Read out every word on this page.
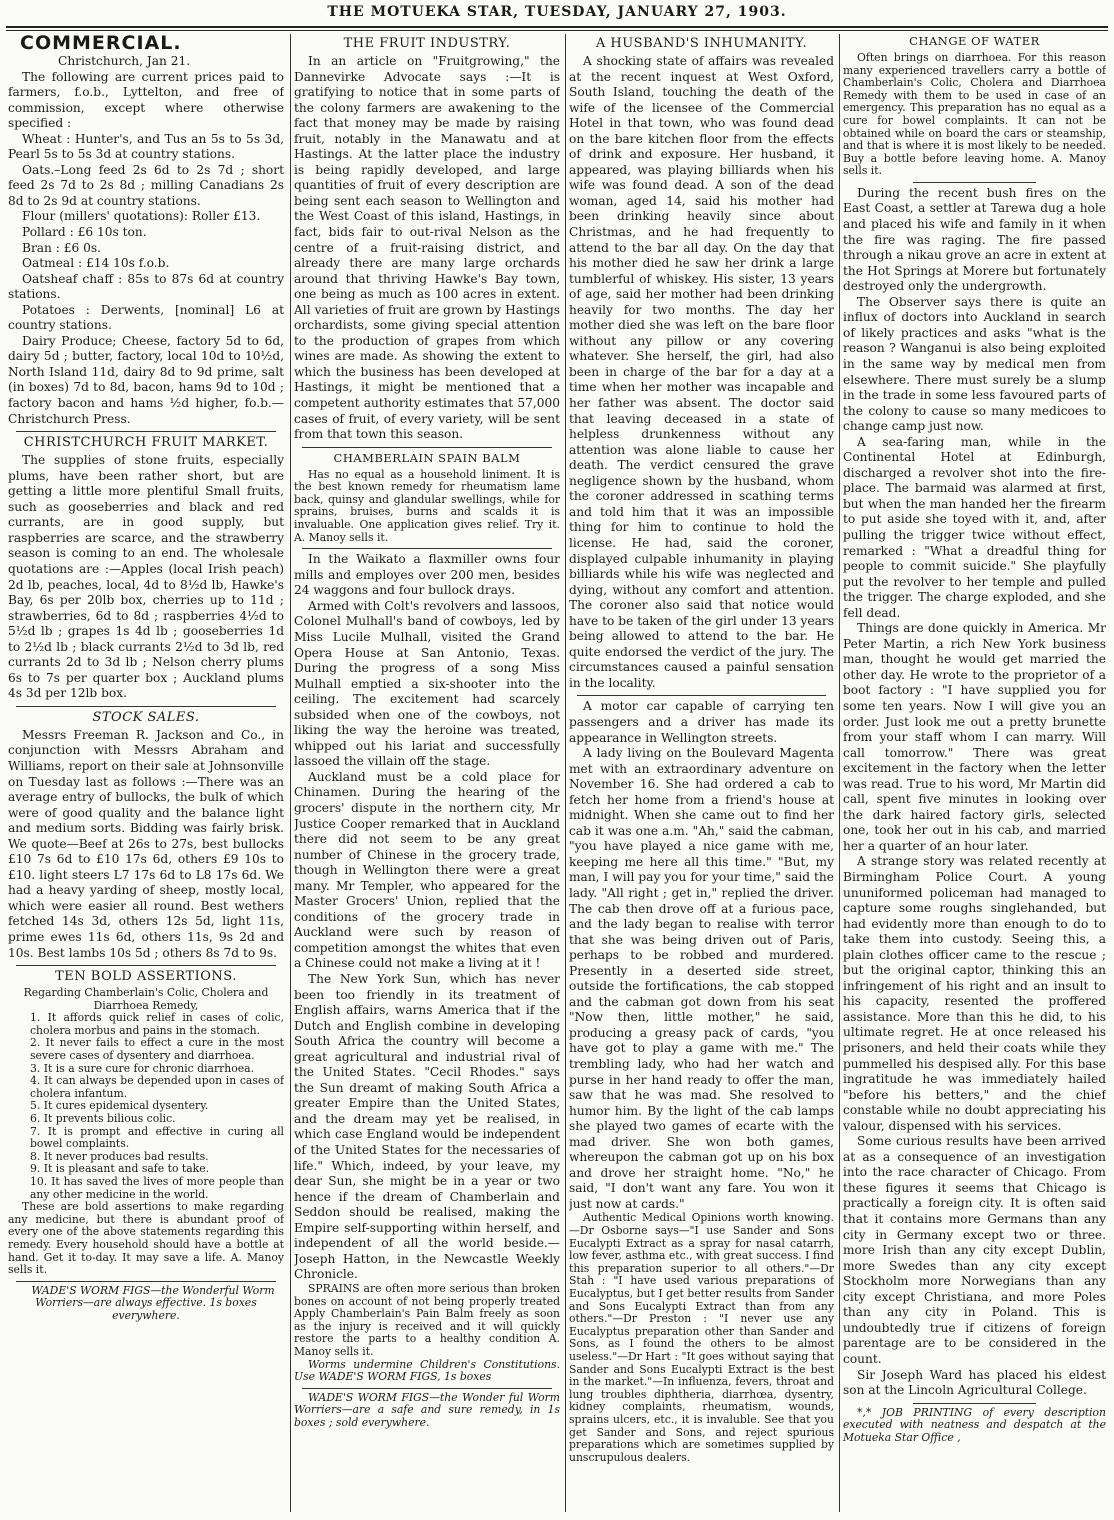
THE MOTUEKA STAR, TUESDAY, JANUARY 27, 1903.
COMMERCIAL.

Christchurch, Jan 21.

The following are current prices paid to farmers, f.o.b., Lyttelton, and free of commission, except where otherwise specified :

Wheat : Hunter's, and Tus an 5s to 5s 3d, Pearl 5s to 5s 3d at country stations.

Oats.–Long feed 2s 6d to 2s 7d ; short feed 2s 7d to 2s 8d ; milling Canadians 2s 8d to 2s 9d at country stations.

Flour (millers' quotations): Roller £13.

Pollard : £6 10s ton.

Bran : £6 0s.

Oatmeal : £14 10s f.o.b.

Oatsheaf chaff : 85s to 87s 6d at country stations.

Potatoes : Derwents, [nominal] L6 at country stations.

Dairy Produce; Cheese, factory 5d to 6d, dairy 5d ; butter, factory, local 10d to 10½d, North Island 11d, dairy 8d to 9d prime, salt (in boxes) 7d to 8d, bacon, hams 9d to 10d ; factory bacon and hams ½d higher, fo.b.—Christchurch Press.

CHRISTCHURCH FRUIT MARKET.

The supplies of stone fruits, especially plums, have been rather short, but are getting a little more plentiful Small fruits, such as gooseberries and black and red currants, are in good supply, but raspberries are scarce, and the strawberry season is coming to an end. The wholesale quotations are :—Apples (local Irish peach) 2d lb, peaches, local, 4d to 8½d lb, Hawke's Bay, 6s per 20lb box, cherries up to 11d ; strawberries, 6d to 8d ; raspberries 4½d to 5½d lb ; grapes 1s 4d lb ; gooseberries 1d to 2½d lb ; black currants 2½d to 3d lb, red currants 2d to 3d lb ; Nelson cherry plums 6s to 7s per quarter box ; Auckland plums 4s 3d per 12lb box.

STOCK SALES.

Messrs Freeman R. Jackson and Co., in conjunction with Messrs Abraham and Williams, report on their sale at Johnsonville on Tuesday last as follows :—There was an average entry of bullocks, the bulk of which were of good quality and the balance light and medium sorts. Bidding was fairly brisk. We quote—Beef at 26s to 27s, best bullocks £10 7s 6d to £10 17s 6d, others £9 10s to £10. light steers L7 17s 6d to L8 17s 6d. We had a heavy yarding of sheep, mostly local, which were easier all round. Best wethers fetched 14s 3d, others 12s 5d, light 11s, prime ewes 11s 6d, others 11s, 9s 2d and 10s. Best lambs 10s 5d ; others 8s 7d to 9s.

TEN BOLD ASSERTIONS.

Regarding Chamberlain's Colic, Cholera and Diarrhoea Remedy,

1. It affords quick relief in cases of colic, cholera morbus and pains in the stomach.

2. It never fails to effect a cure in the most severe cases of dysentery and diarrhoea.

3. It is a sure cure for chronic diarrhoea.

4. It can always be depended upon in cases of cholera infantum.

5. It cures epidemical dysentery.

6. It prevents bilious colic.

7. It is prompt and effective in curing all bowel complaints.

8. It never produces bad results.

9. It is pleasant and safe to take.

10. It has saved the lives of more people than any other medicine in the world.

These are bold assertions to make regarding any medicine, but there is abundant proof of every one of the above statements regarding this remedy. Every household should have a bottle at hand. Get it to-day. It may save a life. A. Manoy sells it.

WADE'S WORM FIGS—the Wonderful Worm Worriers—are always effective. 1s boxes everywhere.

THE FRUIT INDUSTRY.

In an article on "Fruitgrowing," the Dannevirke Advocate says :—It is gratifying to notice that in some parts of the colony farmers are awakening to the fact that money may be made by raising fruit, notably in the Manawatu and at Hastings. At the latter place the industry is being rapidly developed, and large quantities of fruit of every description are being sent each season to Wellington and the West Coast of this island, Hastings, in fact, bids fair to out-rival Nelson as the centre of a fruit-raising district, and already there are many large orchards around that thriving Hawke's Bay town, one being as much as 100 acres in extent. All varieties of fruit are grown by Hastings orchardists, some giving special attention to the production of grapes from which wines are made. As showing the extent to which the business has been developed at Hastings, it might be mentioned that a competent authority estimates that 57,000 cases of fruit, of every variety, will be sent from that town this season.

CHAMBERLAIN SPAIN BALM

Has no equal as a household liniment. It is the best known remedy for rheumatism lame back, quinsy and glandular swellings, while for sprains, bruises, burns and scalds it is invaluable. One application gives relief. Try it. A. Manoy sells it.

In the Waikato a flaxmiller owns four mills and employes over 200 men, besides 24 waggons and four bullock drays.

Armed with Colt's revolvers and lassoos, Colonel Mulhall's band of cowboys, led by Miss Lucile Mulhall, visited the Grand Opera House at San Antonio, Texas. During the progress of a song Miss Mulhall emptied a six-shooter into the ceiling. The excitement had scarcely subsided when one of the cowboys, not liking the way the heroine was treated, whipped out his lariat and successfully lassoed the villain off the stage.

Auckland must be a cold place for Chinamen. During the hearing of the grocers' dispute in the northern city, Mr Justice Cooper remarked that in Auckland there did not seem to be any great number of Chinese in the grocery trade, though in Wellington there were a great many. Mr Templer, who appeared for the Master Grocers' Union, replied that the conditions of the grocery trade in Auckland were such by reason of competition amongst the whites that even a Chinese could not make a living at it !

The New York Sun, which has never been too friendly in its treatment of English affairs, warns America that if the Dutch and English combine in developing South Africa the country will become a great agricultural and industrial rival of the United States. "Cecil Rhodes." says the Sun dreamt of making South Africa a greater Empire than the United States, and the dream may yet be realised, in which case England would be independent of the United States for the necessaries of life." Which, indeed, by your leave, my dear Sun, she might be in a year or two hence if the dream of Chamberlain and Seddon should be realised, making the Empire self-supporting within herself, and independent of all the world beside.—Joseph Hatton, in the Newcastle Weekly Chronicle.

SPRAINS are often more serious than broken bones on account of not being properly treated Apply Chamberlain's Pain Balm freely as soon as the injury is received and it will quickly restore the parts to a healthy condition A. Manoy sells it.

Worms undermine Children's Constitutions. Use WADE'S WORM FIGS, 1s boxes

WADE'S WORM FIGS—the Wonder ful Worm Worriers—are a safe and sure remedy, in 1s boxes ; sold everywhere.

A HUSBAND'S INHUMANITY.

A shocking state of affairs was revealed at the recent inquest at West Oxford, South Island, touching the death of the wife of the licensee of the Commercial Hotel in that town, who was found dead on the bare kitchen floor from the effects of drink and exposure. Her husband, it appeared, was playing billiards when his wife was found dead. A son of the dead woman, aged 14, said his mother had been drinking heavily since about Christmas, and he had frequently to attend to the bar all day. On the day that his mother died he saw her drink a large tumblerful of whiskey. His sister, 13 years of age, said her mother had been drinking heavily for two months. The day her mother died she was left on the bare floor without any pillow or any covering whatever. She herself, the girl, had also been in charge of the bar for a day at a time when her mother was incapable and her father was absent. The doctor said that leaving deceased in a state of helpless drunkenness without any attention was alone liable to cause her death. The verdict censured the grave negligence shown by the husband, whom the coroner addressed in scathing terms and told him that it was an impossible thing for him to continue to hold the license. He had, said the coroner, displayed culpable inhumanity in playing billiards while his wife was neglected and dying, without any comfort and attention. The coroner also said that notice would have to be taken of the girl under 13 years being allowed to attend to the bar. He quite endorsed the verdict of the jury. The circumstances caused a painful sensation in the locality.

A motor car capable of carrying ten passengers and a driver has made its appearance in Wellington streets.

A lady living on the Boulevard Magenta met with an extraordinary adventure on November 16. She had ordered a cab to fetch her home from a friend's house at midnight. When she came out to find her cab it was one a.m. "Ah," said the cabman, "you have played a nice game with me, keeping me here all this time." "But, my man, I will pay you for your time," said the lady. "All right ; get in," replied the driver. The cab then drove off at a furious pace, and the lady began to realise with terror that she was being driven out of Paris, perhaps to be robbed and murdered. Presently in a deserted side street, outside the fortifications, the cab stopped and the cabman got down from his seat "Now then, little mother," he said, producing a greasy pack of cards, "you have got to play a game with me." The trembling lady, who had her watch and purse in her hand ready to offer the man, saw that he was mad. She resolved to humor him. By the light of the cab lamps she played two games of ecarte with the mad driver. She won both games, whereupon the cabman got up on his box and drove her straight home. "No," he said, "I don't want any fare. You won it just now at cards."

Authentic Medical Opinions worth knowing.—Dr Osborne says—"I use Sander and Sons Eucalypti Extract as a spray for nasal catarrh, low fever, asthma etc., with great success. I find this preparation superior to all others."—Dr Stah : "I have used various preparations of Eucalyptus, but I get better results from Sander and Sons Eucalypti Extract than from any others."—Dr Preston : "I never use any Eucalyptus preparation other than Sander and Sons, as I found the others to be almost useless."—Dr Hart : "It goes without saying that Sander and Sons Eucalypti Extract is the best in the market."—In influenza, fevers, throat and lung troubles diphtheria, diarrhœa, dysentry, kidney complaints, rheumatism, wounds, sprains ulcers, etc., it is invaluble. See that you get Sander and Sons, and reject spurious preparations which are sometimes supplied by unscrupulous dealers.

CHANGE OF WATER

Often brings on diarrhoea. For this reason many experienced travellers carry a bottle of Chamberlain's Colic, Cholera and Diarrhoea Remedy with them to be used in case of an emergency. This preparation has no equal as a cure for bowel complaints. It can not be obtained while on board the cars or steamship, and that is where it is most likely to be needed. Buy a bottle before leaving home. A. Manoy sells it.

During the recent bush fires on the East Coast, a settler at Tarewa dug a hole and placed his wife and family in it when the fire was raging. The fire passed through a nikau grove an acre in extent at the Hot Springs at Morere but fortunately destroyed only the undergrowth.

The Observer says there is quite an influx of doctors into Auckland in search of likely practices and asks "what is the reason ? Wanganui is also being exploited in the same way by medical men from elsewhere. There must surely be a slump in the trade in some less favoured parts of the colony to cause so many medicoes to change camp just now.

A sea-faring man, while in the Continental Hotel at Edinburgh, discharged a revolver shot into the fire-place. The barmaid was alarmed at first, but when the man handed her the firearm to put aside she toyed with it, and, after pulling the trigger twice without effect, remarked : "What a dreadful thing for people to commit suicide." She playfully put the revolver to her temple and pulled the trigger. The charge exploded, and she fell dead.

Things are done quickly in America. Mr Peter Martin, a rich New York business man, thought he would get married the other day. He wrote to the proprietor of a boot factory : "I have supplied you for some ten years. Now I will give you an order. Just look me out a pretty brunette from your staff whom I can marry. Will call tomorrow." There was great excitement in the factory when the letter was read. True to his word, Mr Martin did call, spent five minutes in looking over the dark haired factory girls, selected one, took her out in his cab, and married her a quarter of an hour later.

A strange story was related recently at Birmingham Police Court. A young ununiformed policeman had managed to capture some roughs singlehanded, but had evidently more than enough to do to take them into custody. Seeing this, a plain clothes officer came to the rescue ; but the original captor, thinking this an infringement of his right and an insult to his capacity, resented the proffered assistance. More than this he did, to his ultimate regret. He at once released his prisoners, and held their coats while they pummelled his despised ally. For this base ingratitude he was immediately hailed "before his betters," and the chief constable while no doubt appreciating his valour, dispensed with his services.

Some curious results have been arrived at as a consequence of an investigation into the race character of Chicago. From these figures it seems that Chicago is practically a foreign city. It is often said that it contains more Germans than any city in Germany except two or three. more Irish than any city except Dublin, more Swedes than any city except Stockholm more Norwegians than any city except Christiana, and more Poles than any city in Poland. This is undoubtedly true if citizens of foreign parentage are to be considered in the count.

Sir Joseph Ward has placed his eldest son at the Lincoln Agricultural College.

*,* JOB PRINTING of every description executed with neatness and despatch at the Motueka Star Office ,
